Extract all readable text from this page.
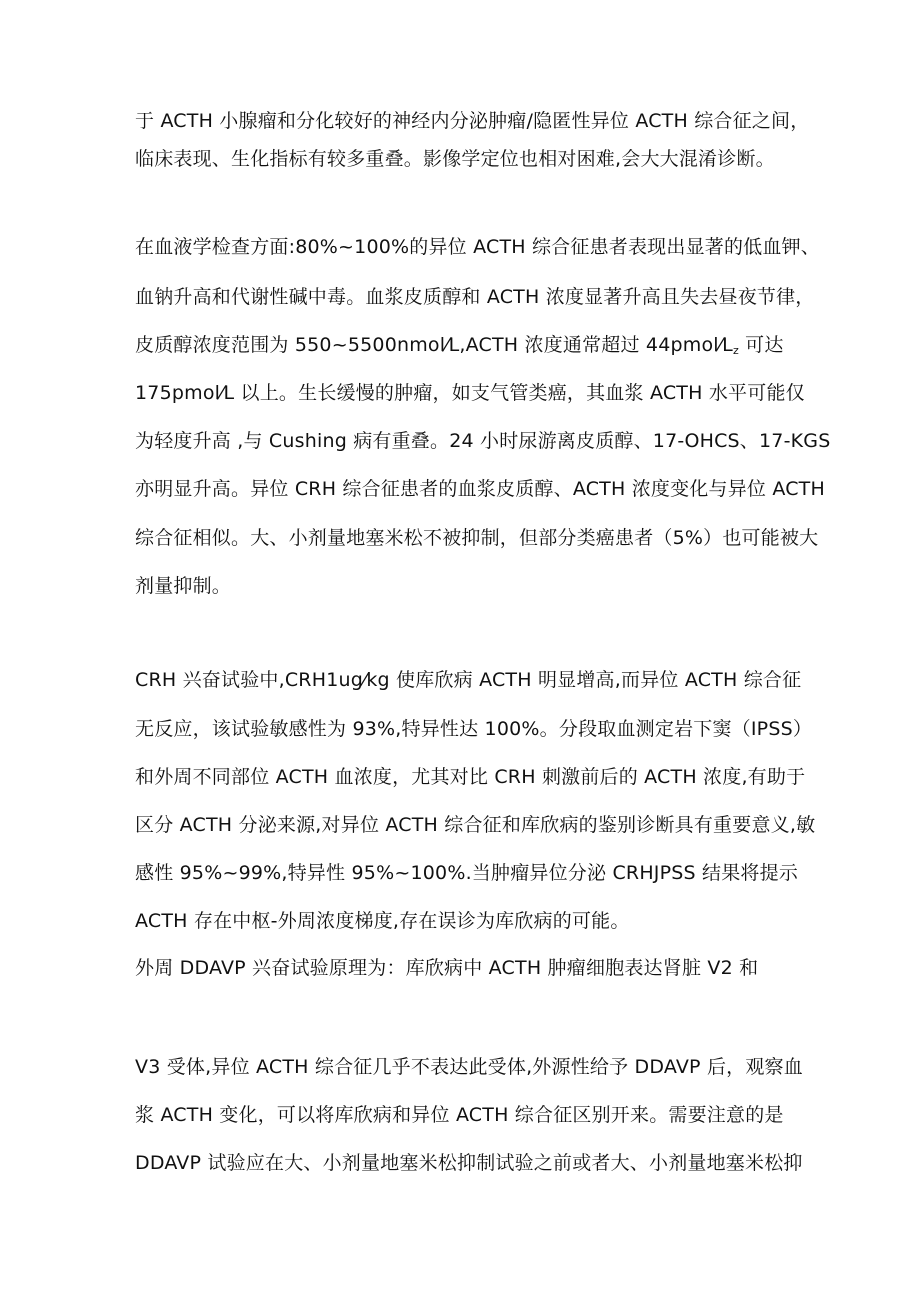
于 ACTH 小腺瘤和分化较好的神经内分泌肿瘤/隐匿性异位 ACTH 综合征之间，
临床表现、生化指标有较多重叠。影像学定位也相对困难,会大大混淆诊断。
在血液学检查方面:80%~100%的异位 ACTH 综合征患者表现出显著的低血钾、
血钠升高和代谢性碱中毒。血浆皮质醇和 ACTH 浓度显著升高且失去昼夜节律，
皮质醇浓度范围为 550~5500nmol⁄L,ACTH 浓度通常超过 $44pmol⁄L_z$ 可达
175pmol⁄L 以上。生长缓慢的肿瘤，如支气管类癌，其血浆 ACTH 水平可能仅
为轻度升高 ,与 Cushing 病有重叠。24 小时尿游离皮质醇、17-OHCS、17-KGS
亦明显升高。异位 CRH 综合征患者的血浆皮质醇、ACTH 浓度变化与异位 ACTH
综合征相似。大、小剂量地塞米松不被抑制，但部分类癌患者（5%）也可能被大
剂量抑制。
CRH 兴奋试验中,CRH1ug⁄kg 使库欣病 ACTH 明显增高,而异位 ACTH 综合征
无反应，该试验敏感性为 93%,特异性达 100%。分段取血测定岩下窦（IPSS）
和外周不同部位 ACTH 血浓度，尤其对比 CRH 刺激前后的 ACTH 浓度,有助于
区分 ACTH 分泌来源,对异位 ACTH 综合征和库欣病的鉴别诊断具有重要意义,敏
感性 95%~99%,特异性 95%~100%.当肿瘤异位分泌 CRHJPSS 结果将提示
ACTH 存在中枢-外周浓度梯度,存在误诊为库欣病的可能。
外周 DDAVP 兴奋试验原理为：库欣病中 ACTH 肿瘤细胞表达肾脏 V2 和
V3 受体,异位 ACTH 综合征几乎不表达此受体,外源性给予 DDAVP 后，观察血
浆 ACTH 变化，可以将库欣病和异位 ACTH 综合征区别开来。需要注意的是
DDAVP 试验应在大、小剂量地塞米松抑制试验之前或者大、小剂量地塞米松抑
